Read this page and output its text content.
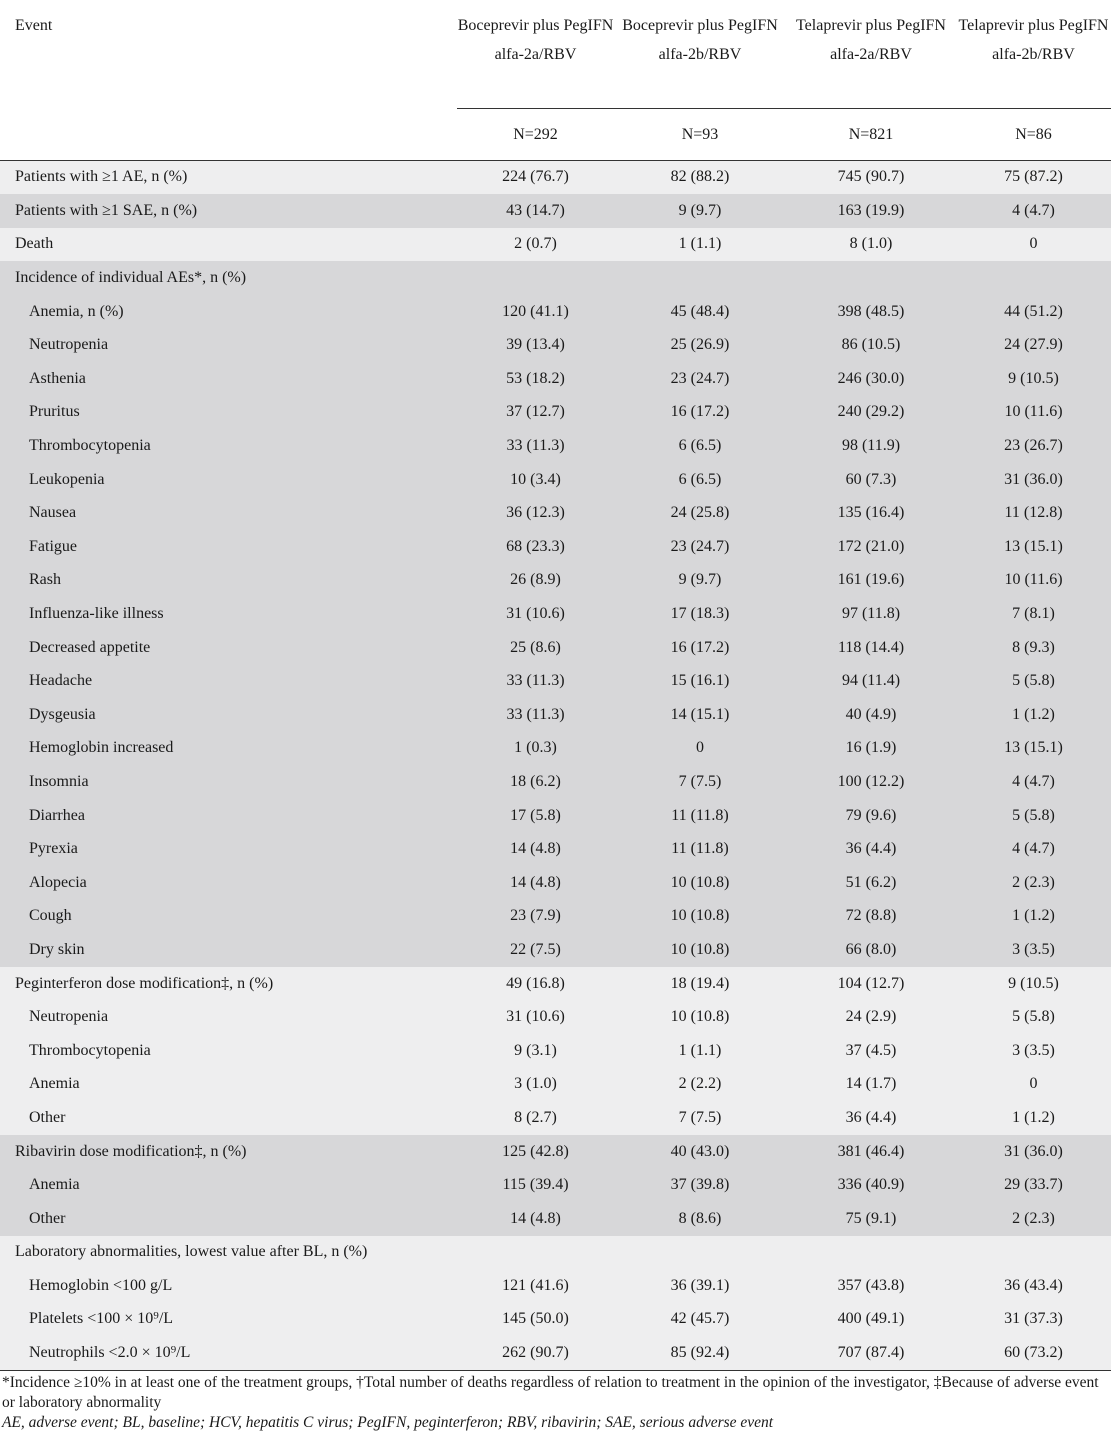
Event	Boceprevir plus PegIFN alfa-2a/RBV	Boceprevir plus PegIFN alfa-2b/RBV	Telaprevir plus PegIFN alfa-2a/RBV	Telaprevir plus PegIFN alfa-2b/RBV
	N=292	N=93	N=821	N=86
Patients with ≥1 AE, n (%)	224 (76.7)	82 (88.2)	745 (90.7)	75 (87.2)
Patients with ≥1 SAE, n (%)	43 (14.7)	9 (9.7)	163 (19.9)	4 (4.7)
Death	2 (0.7)	1 (1.1)	8 (1.0)	0
Incidence of individual AEs*, n (%)				
Anemia, n (%)	120 (41.1)	45 (48.4)	398 (48.5)	44 (51.2)
Neutropenia	39 (13.4)	25 (26.9)	86 (10.5)	24 (27.9)
Asthenia	53 (18.2)	23 (24.7)	246 (30.0)	9 (10.5)
Pruritus	37 (12.7)	16 (17.2)	240 (29.2)	10 (11.6)
Thrombocytopenia	33 (11.3)	6 (6.5)	98 (11.9)	23 (26.7)
Leukopenia	10 (3.4)	6 (6.5)	60 (7.3)	31 (36.0)
Nausea	36 (12.3)	24 (25.8)	135 (16.4)	11 (12.8)
Fatigue	68 (23.3)	23 (24.7)	172 (21.0)	13 (15.1)
Rash	26 (8.9)	9 (9.7)	161 (19.6)	10 (11.6)
Influenza-like illness	31 (10.6)	17 (18.3)	97 (11.8)	7 (8.1)
Decreased appetite	25 (8.6)	16 (17.2)	118 (14.4)	8 (9.3)
Headache	33 (11.3)	15 (16.1)	94 (11.4)	5 (5.8)
Dysgeusia	33 (11.3)	14 (15.1)	40 (4.9)	1 (1.2)
Hemoglobin increased	1 (0.3)	0	16 (1.9)	13 (15.1)
Insomnia	18 (6.2)	7 (7.5)	100 (12.2)	4 (4.7)
Diarrhea	17 (5.8)	11 (11.8)	79 (9.6)	5 (5.8)
Pyrexia	14 (4.8)	11 (11.8)	36 (4.4)	4 (4.7)
Alopecia	14 (4.8)	10 (10.8)	51 (6.2)	2 (2.3)
Cough	23 (7.9)	10 (10.8)	72 (8.8)	1 (1.2)
Dry skin	22 (7.5)	10 (10.8)	66 (8.0)	3 (3.5)
Peginterferon dose modification‡, n (%)	49 (16.8)	18 (19.4)	104 (12.7)	9 (10.5)
Neutropenia	31 (10.6)	10 (10.8)	24 (2.9)	5 (5.8)
Thrombocytopenia	9 (3.1)	1 (1.1)	37 (4.5)	3 (3.5)
Anemia	3 (1.0)	2 (2.2)	14 (1.7)	0
Other	8 (2.7)	7 (7.5)	36 (4.4)	1 (1.2)
Ribavirin dose modification‡, n (%)	125 (42.8)	40 (43.0)	381 (46.4)	31 (36.0)
Anemia	115 (39.4)	37 (39.8)	336 (40.9)	29 (33.7)
Other	14 (4.8)	8 (8.6)	75 (9.1)	2 (2.3)
Laboratory abnormalities, lowest value after BL, n (%)				
Hemoglobin <100 g/L	121 (41.6)	36 (39.1)	357 (43.8)	36 (43.4)
Platelets <100 × 10⁹/L	145 (50.0)	42 (45.7)	400 (49.1)	31 (37.3)
Neutrophils <2.0 × 10⁹/L	262 (90.7)	85 (92.4)	707 (87.4)	60 (73.2)
*Incidence ≥10% in at least one of the treatment groups, †Total number of deaths regardless of relation to treatment in the opinion of the investigator, ‡Because of adverse event or laboratory abnormality
AE, adverse event; BL, baseline; HCV, hepatitis C virus; PegIFN, peginterferon; RBV, ribavirin; SAE, serious adverse event
